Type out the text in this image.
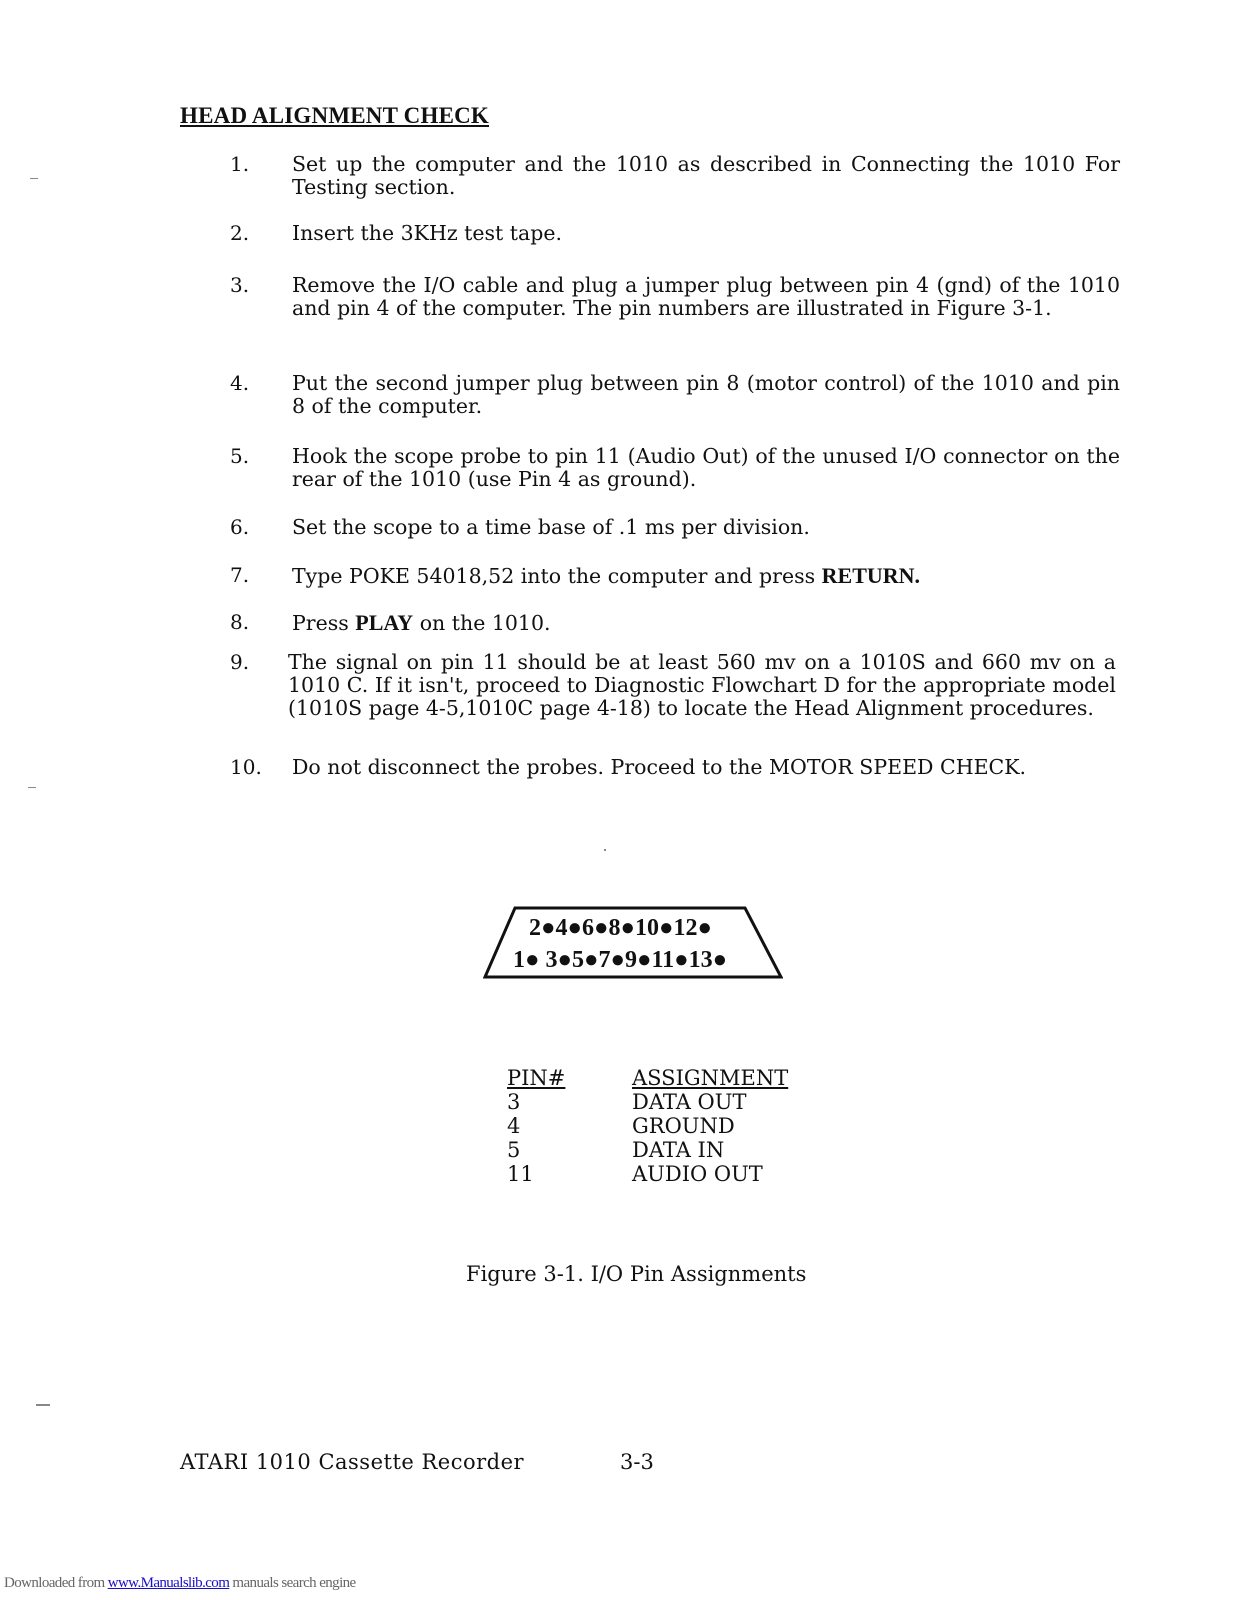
HEAD ALIGNMENT CHECK
1. Set up the computer and the 1010 as described in Connecting the 1010 For Testing section.
2. Insert the 3KHz test tape.
3. Remove the I/O cable and plug a jumper plug between pin 4 (gnd) of the 1010 and pin 4 of the computer. The pin numbers are illustrated in Figure 3-1.
4. Put the second jumper plug between pin 8 (motor control) of the 1010 and pin 8 of the computer.
5. Hook the scope probe to pin 11 (Audio Out) of the unused I/O connector on the rear of the 1010 (use Pin 4 as ground).
6. Set the scope to a time base of .1 ms per division.
7. Type POKE 54018,52 into the computer and press RETURN.
8. Press PLAY on the 1010.
9. The signal on pin 11 should be at least 560 mv on a 1010S and 660 mv on a 1010 C. If it isn't, proceed to Diagnostic Flowchart D for the appropriate model (1010S page 4-5,1010C page 4-18) to locate the Head Alignment procedures.
10. Do not disconnect the probes. Proceed to the MOTOR SPEED CHECK.
2●4●6●8●10●12●
1● 3●5●7●9●11●13●
PIN#	ASSIGNMENT
3	DATA OUT
4	GROUND
5	DATA IN
11	AUDIO OUT
Figure 3-1. I/O Pin Assignments
ATARI 1010 Cassette Recorder	3-3
Downloaded from www.Manualslib.com manuals search engine
